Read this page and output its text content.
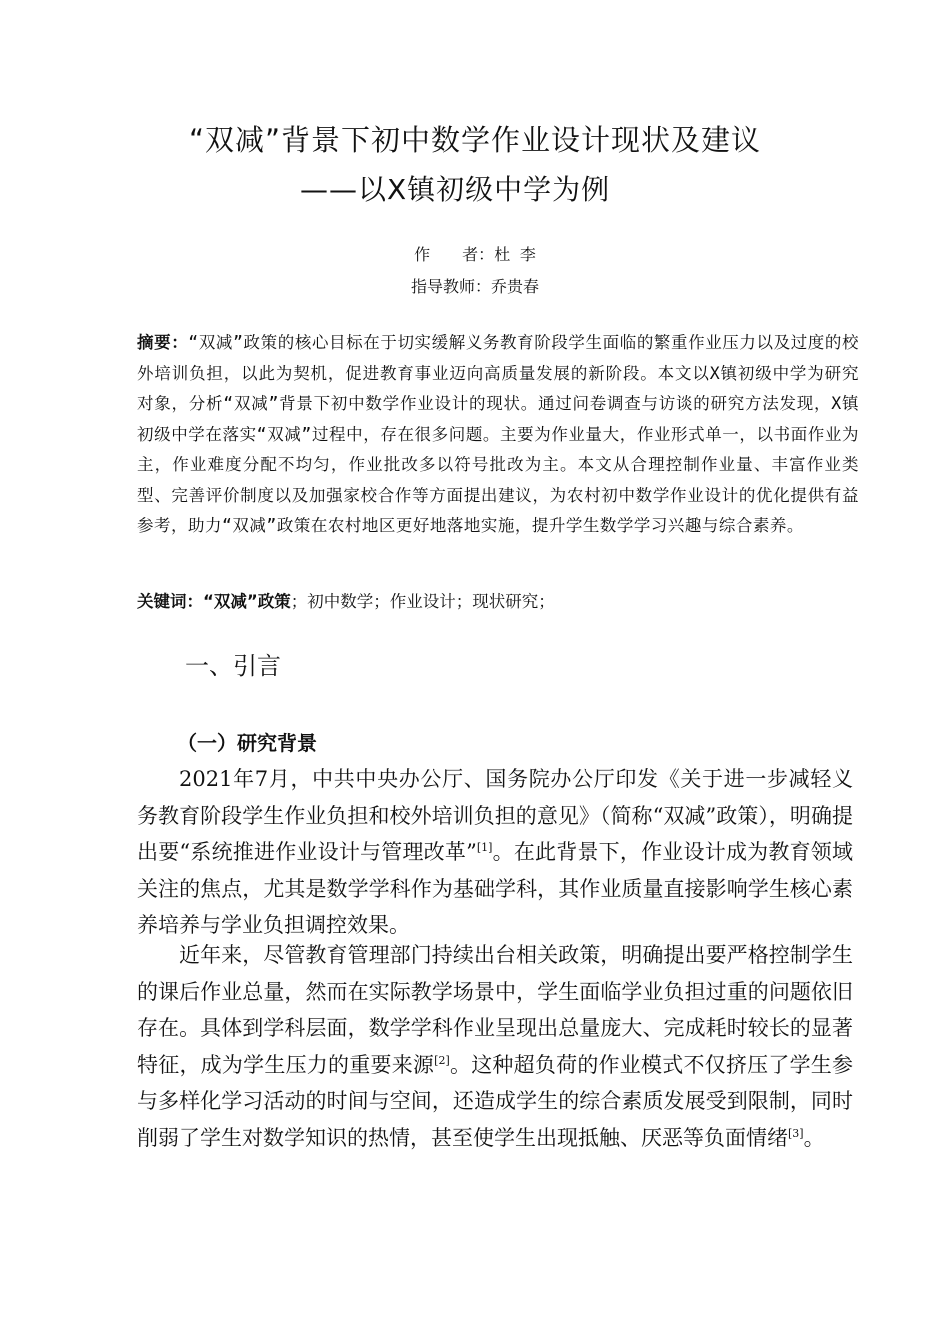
“双减”背景下初中数学作业设计现状及建议
——以X镇初级中学为例
作　　者：杜 李
指导教师：乔贵春
摘要：“双减”政策的核心目标在于切实缓解义务教育阶段学生面临的繁重作业压力以及过度的校外培训负担，以此为契机，促进教育事业迈向高质量发展的新阶段。本文以X镇初级中学为研究对象，分析“双减”背景下初中数学作业设计的现状。通过问卷调查与访谈的研究方法发现，X镇初级中学在落实“双减”过程中，存在很多问题。主要为作业量大，作业形式单一，以书面作业为主，作业难度分配不均匀，作业批改多以符号批改为主。本文从合理控制作业量、丰富作业类型、完善评价制度以及加强家校合作等方面提出建议，为农村初中数学作业设计的优化提供有益参考，助力“双减”政策在农村地区更好地落地实施，提升学生数学学习兴趣与综合素养。
关键词：“双减”政策；初中数学；作业设计；现状研究；
一、引言
（一）研究背景
2021年7月，中共中央办公厅、国务院办公厅印发《关于进一步减轻义务教育阶段学生作业负担和校外培训负担的意见》（简称“双减”政策），明确提出要“系统推进作业设计与管理改革”[1]。在此背景下，作业设计成为教育领域关注的焦点，尤其是数学学科作为基础学科，其作业质量直接影响学生核心素养培养与学业负担调控效果。
近年来，尽管教育管理部门持续出台相关政策，明确提出要严格控制学生的课后作业总量，然而在实际教学场景中，学生面临学业负担过重的问题依旧存在。具体到学科层面，数学学科作业呈现出总量庞大、完成耗时较长的显著特征，成为学生压力的重要来源[2]。这种超负荷的作业模式不仅挤压了学生参与多样化学习活动的时间与空间，还造成学生的综合素质发展受到限制，同时削弱了学生对数学知识的热情，甚至使学生出现抵触、厌恶等负面情绪[3]。
